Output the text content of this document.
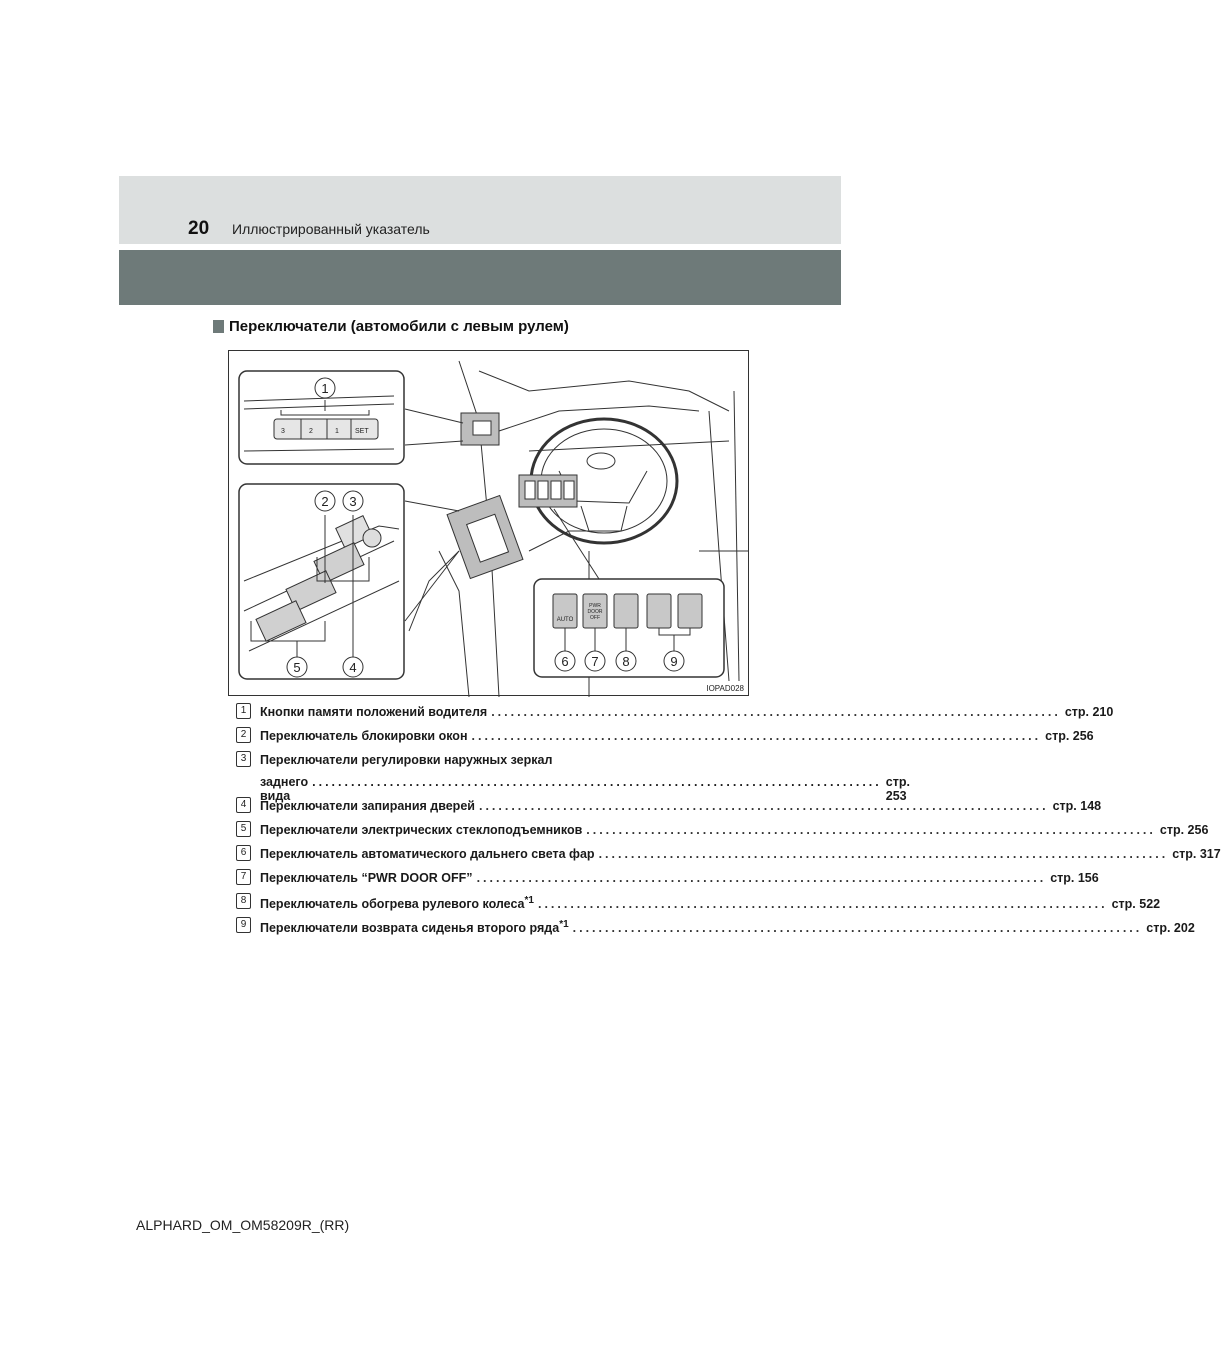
20 Иллюстрированный указатель
Переключатели (автомобили с левым рулем)
3	2	1 SET
1
2 3
5	4
AUTO
PWR
DOOR
OFF
6 7 8	9
IOPAD028
1	Кнопки памяти положений водителя ........................................................................................ стр. 210
2	Переключатель блокировки окон ........................................................................................ стр. 256
3	Переключатели регулировки наружных зеркал
заднего вида
........................................................................................ стр. 253
4	Переключатели запирания дверей ........................................................................................ стр. 148
5	Переключатели электрических стеклоподъемников ........................................................................................ стр. 256
6	Переключатель автоматического дальнего света фар ........................................................................................ стр. 317
7	Переключатель “PWR DOOR OFF” ........................................................................................ стр. 156
8	Переключатель обогрева рулевого колеса$^{*1}$ ........................................................................................ стр. 522
9	Переключатели возврата сиденья второго ряда$^{*1}$ ........................................................................................ стр. 202
ALPHARD_OM_OM58209R_(RR)
